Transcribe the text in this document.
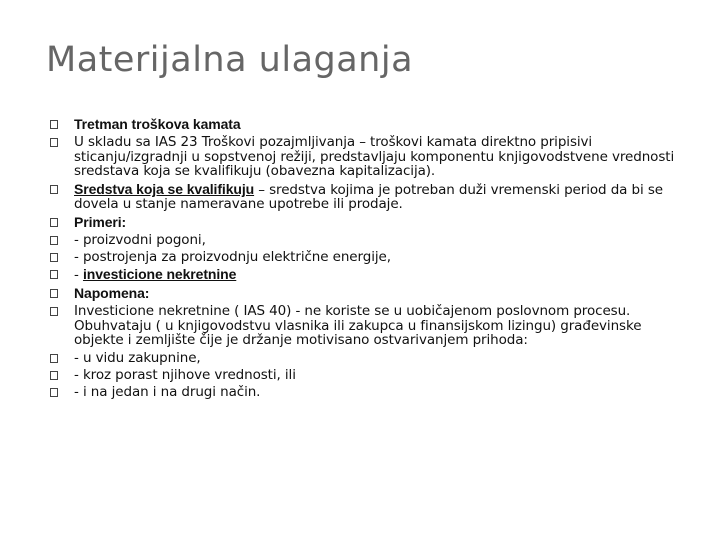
Materijalna ulaganja
Tretman troškova kamata
U skladu sa IAS 23 Troškovi pozajmljivanja – troškovi kamata direktno pripisivi sticanju/izgradnji u sopstvenoj režiji, predstavljaju komponentu knjigovodstvene vrednosti sredstava koja se kvalifikuju (obavezna kapitalizacija).
Sredstva koja se kvalifikuju – sredstva kojima je potreban duži vremenski period da bi se dovela u stanje nameravane upotrebe ili prodaje.
Primeri:
- proizvodni pogoni,
- postrojenja za proizvodnju električne energije,
- investicione nekretnine
Napomena:
Investicione nekretnine ( IAS 40) - ne koriste se u uobičajenom poslovnom procesu. Obuhvataju ( u knjigovodstvu vlasnika ili zakupca u finansijskom lizingu) građevinske objekte i zemljište čije je držanje motivisano ostvarivanjem prihoda:
- u vidu zakupnine,
- kroz porast njihove vrednosti, ili
- i na jedan i na drugi način.
